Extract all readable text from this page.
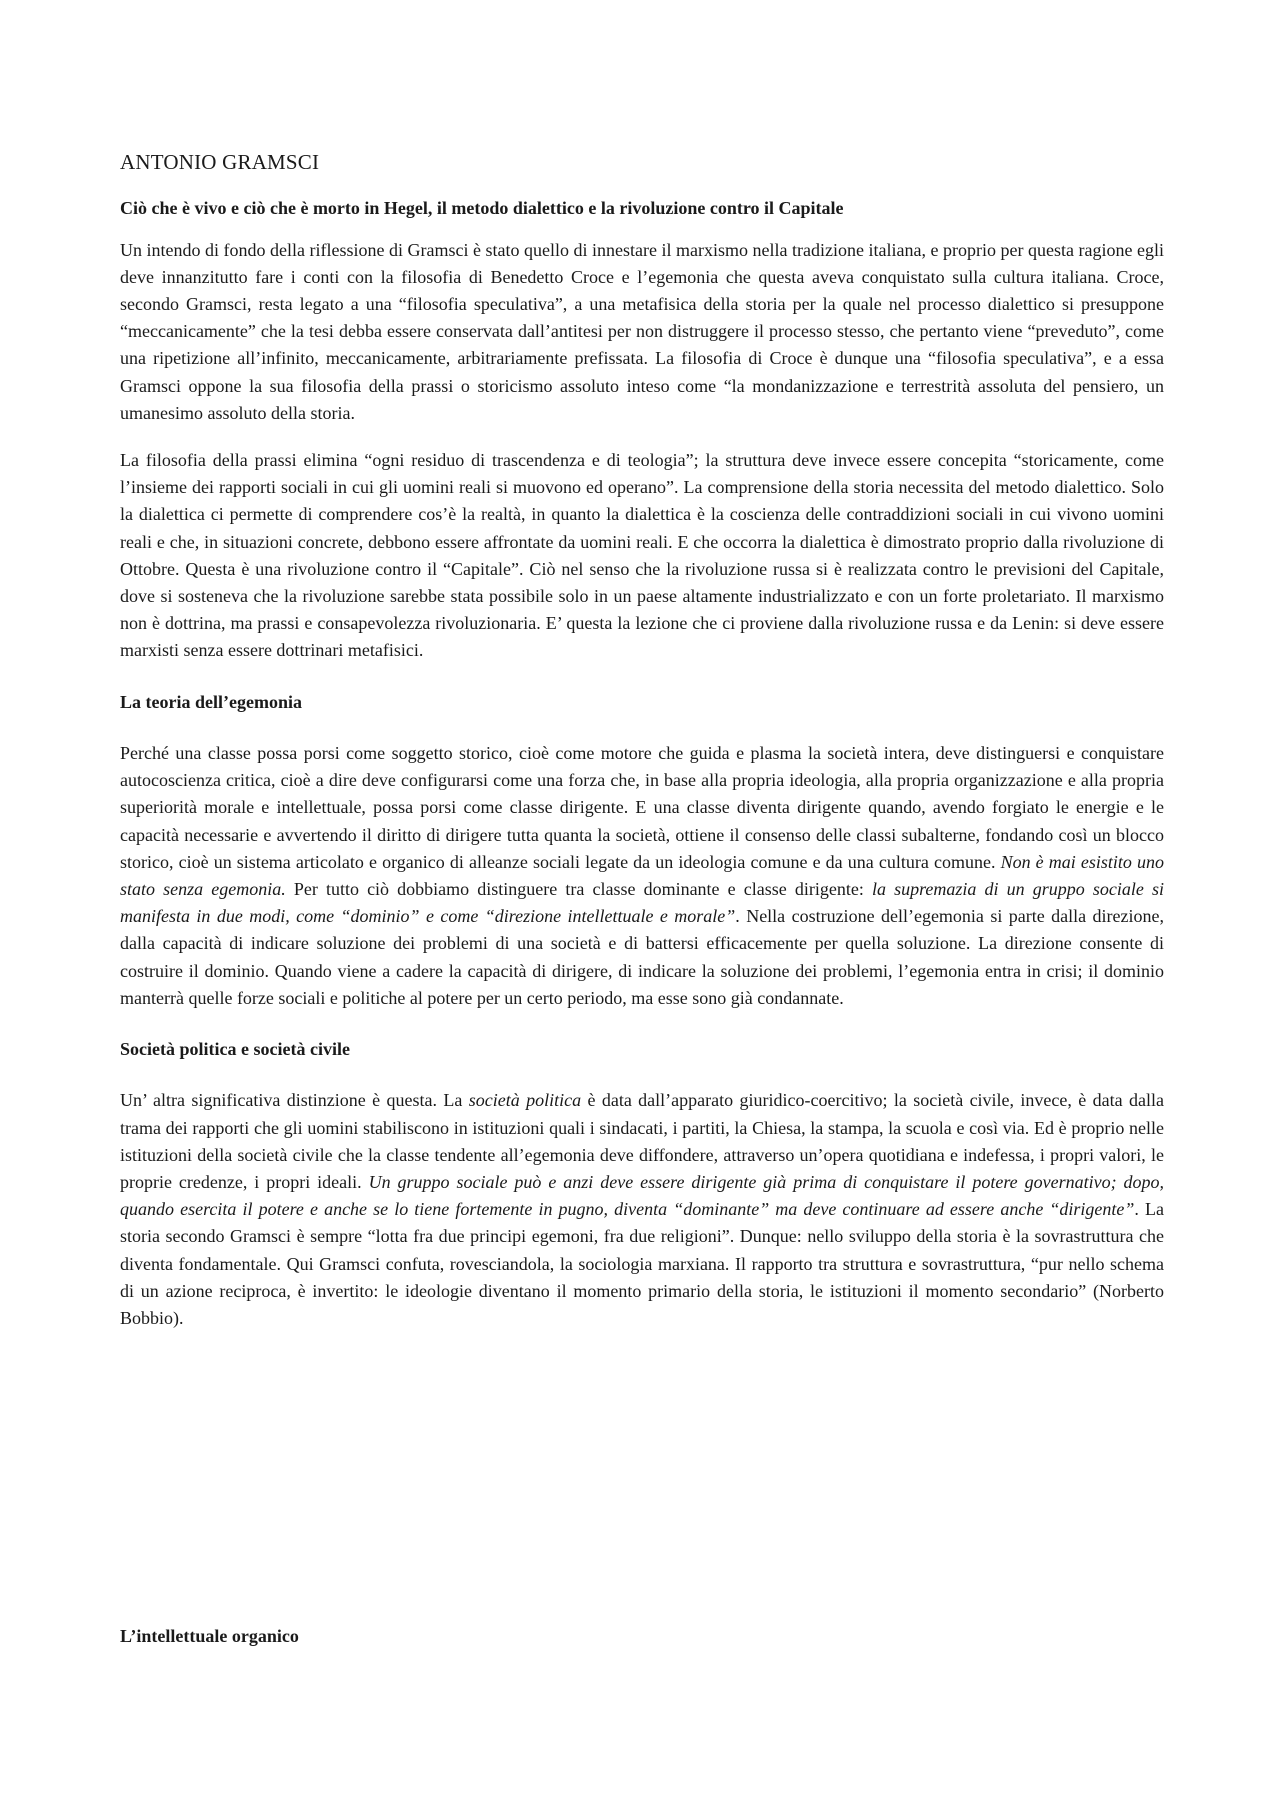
ANTONIO GRAMSCI
Ciò che è vivo e ciò che è morto in Hegel, il metodo dialettico e la rivoluzione contro il Capitale

Un intendo di fondo della riflessione di Gramsci è stato quello di innestare il marxismo nella tradizione italiana, e proprio per questa ragione egli deve innanzitutto fare i conti con la filosofia di Benedetto Croce e l’egemonia che questa aveva conquistato sulla cultura italiana. Croce, secondo Gramsci, resta legato a una “filosofia speculativa”, a una metafisica della storia per la quale nel processo dialettico si presuppone “meccanicamente” che la tesi debba essere conservata dall’antitesi per non distruggere il processo stesso, che pertanto viene “preveduto”, come una ripetizione all’infinito, meccanicamente, arbitrariamente prefissata. La filosofia di Croce è dunque una “filosofia speculativa”, e a essa Gramsci oppone la sua filosofia della prassi o storicismo assoluto inteso come “la mondanizzazione e terrestrità assoluta del pensiero, un umanesimo assoluto della storia.

La filosofia della prassi elimina “ogni residuo di trascendenza e di teologia”; la struttura deve invece essere concepita “storicamente, come l’insieme dei rapporti sociali in cui gli uomini reali si muovono ed operano”. La comprensione della storia necessita del metodo dialettico. Solo la dialettica ci permette di comprendere cos’è la realtà, in quanto la dialettica è la coscienza delle contraddizioni sociali in cui vivono uomini reali e che, in situazioni concrete, debbono essere affrontate da uomini reali. E che occorra la dialettica è dimostrato proprio dalla rivoluzione di Ottobre. Questa è una rivoluzione contro il “Capitale”. Ciò nel senso che la rivoluzione russa si è realizzata contro le previsioni del Capitale, dove si sosteneva che la rivoluzione sarebbe stata possibile solo in un paese altamente industrializzato e con un forte proletariato. Il marxismo non è dottrina, ma prassi e consapevolezza rivoluzionaria. E’ questa la lezione che ci proviene dalla rivoluzione russa e da Lenin: si deve essere marxisti senza essere dottrinari metafisici.

La teoria dell’egemonia

Perché una classe possa porsi come soggetto storico, cioè come motore che guida e plasma la società intera, deve distinguersi e conquistare autocoscienza critica, cioè a dire deve configurarsi come una forza che, in base alla propria ideologia, alla propria organizzazione e alla propria superiorità morale e intellettuale, possa porsi come classe dirigente. E una classe diventa dirigente quando, avendo forgiato le energie e le capacità necessarie e avvertendo il diritto di dirigere tutta quanta la società, ottiene il consenso delle classi subalterne, fondando così un blocco storico, cioè un sistema articolato e organico di alleanze sociali legate da un ideologia comune e da una cultura comune. Non è mai esistito uno stato senza egemonia. Per tutto ciò dobbiamo distinguere tra classe dominante e classe dirigente: la supremazia di un gruppo sociale si manifesta in due modi, come “dominio” e come “direzione intellettuale e morale”. Nella costruzione dell’egemonia si parte dalla direzione, dalla capacità di indicare soluzione dei problemi di una società e di battersi efficacemente per quella soluzione. La direzione consente di costruire il dominio. Quando viene a cadere la capacità di dirigere, di indicare la soluzione dei problemi, l’egemonia entra in crisi; il dominio manterrà quelle forze sociali e politiche al potere per un certo periodo, ma esse sono già condannate.

Società politica e società civile

Un’ altra significativa distinzione è questa. La società politica è data dall’apparato giuridico-coercitivo; la società civile, invece, è data dalla trama dei rapporti che gli uomini stabiliscono in istituzioni quali i sindacati, i partiti, la Chiesa, la stampa, la scuola e così via. Ed è proprio nelle istituzioni della società civile che la classe tendente all’egemonia deve diffondere, attraverso un’opera quotidiana e indefessa, i propri valori, le proprie credenze, i propri ideali. Un gruppo sociale può e anzi deve essere dirigente già prima di conquistare il potere governativo; dopo, quando esercita il potere e anche se lo tiene fortemente in pugno, diventa “dominante” ma deve continuare ad essere anche “dirigente”. La storia secondo Gramsci è sempre “lotta fra due principi egemoni, fra due religioni”. Dunque: nello sviluppo della storia è la sovrastruttura che diventa fondamentale. Qui Gramsci confuta, rovesciandola, la sociologia marxiana. Il rapporto tra struttura e sovrastruttura, “pur nello schema di un azione reciproca, è invertito: le ideologie diventano il momento primario della storia, le istituzioni il momento secondario” (Norberto Bobbio).

L’intellettuale organico
